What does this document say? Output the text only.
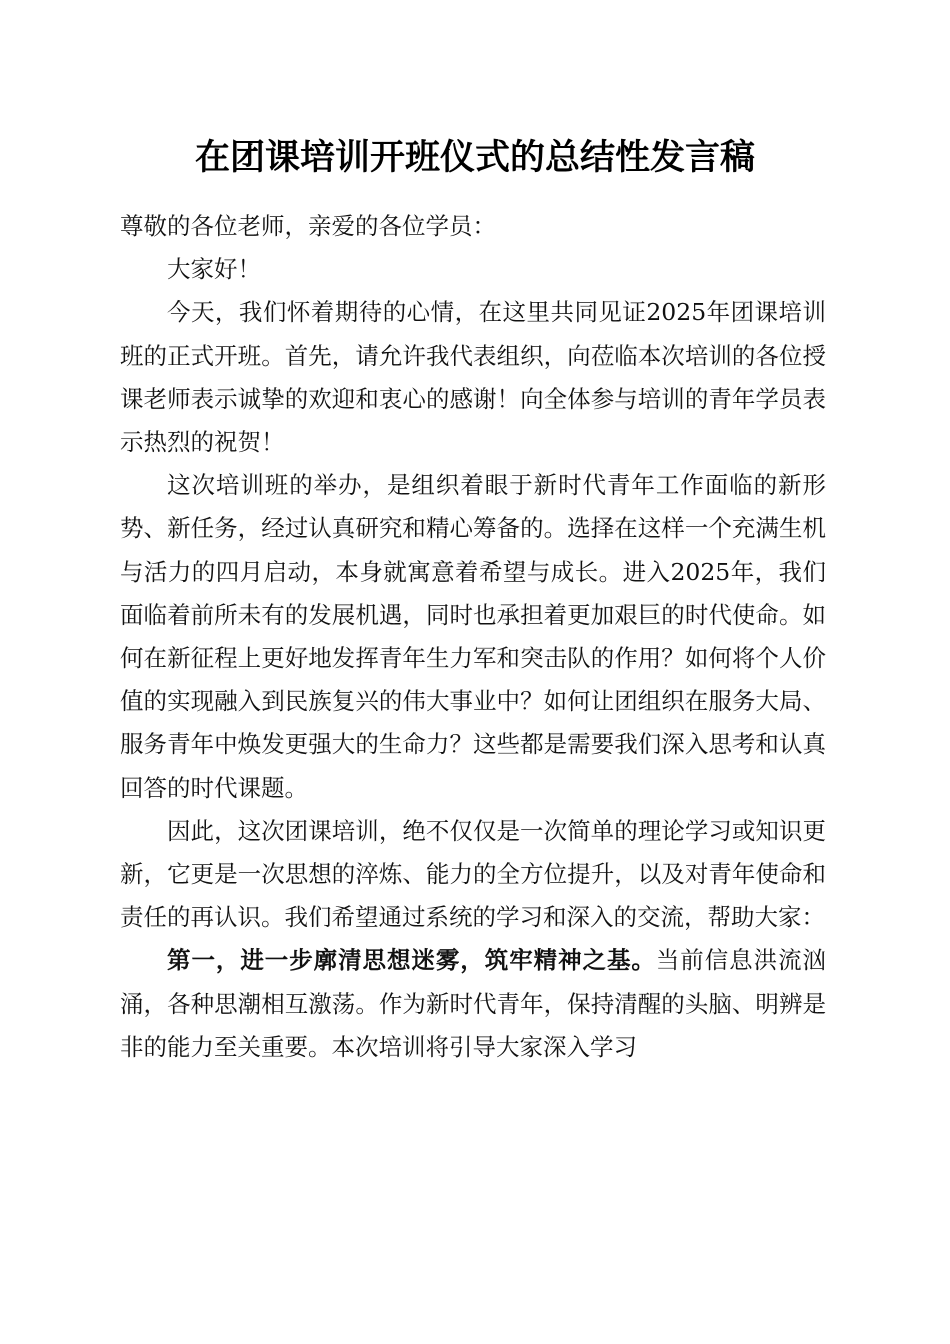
在团课培训开班仪式的总结性发言稿

尊敬的各位老师，亲爱的各位学员：

大家好！

今天，我们怀着期待的心情，在这里共同见证2025年团课培训班的正式开班。首先，请允许我代表组织，向莅临本次培训的各位授课老师表示诚挚的欢迎和衷心的感谢！向全体参与培训的青年学员表示热烈的祝贺！

这次培训班的举办，是组织着眼于新时代青年工作面临的新形势、新任务，经过认真研究和精心筹备的。选择在这样一个充满生机与活力的四月启动，本身就寓意着希望与成长。进入2025年，我们面临着前所未有的发展机遇，同时也承担着更加艰巨的时代使命。如何在新征程上更好地发挥青年生力军和突击队的作用？如何将个人价值的实现融入到民族复兴的伟大事业中？如何让团组织在服务大局、服务青年中焕发更强大的生命力？这些都是需要我们深入思考和认真回答的时代课题。

因此，这次团课培训，绝不仅仅是一次简单的理论学习或知识更新，它更是一次思想的淬炼、能力的全方位提升，以及对青年使命和责任的再认识。我们希望通过系统的学习和深入的交流，帮助大家：

第一，进一步廓清思想迷雾，筑牢精神之基。当前信息洪流汹涌，各种思潮相互激荡。作为新时代青年，保持清醒的头脑、明辨是非的能力至关重要。本次培训将引导大家深入学习
